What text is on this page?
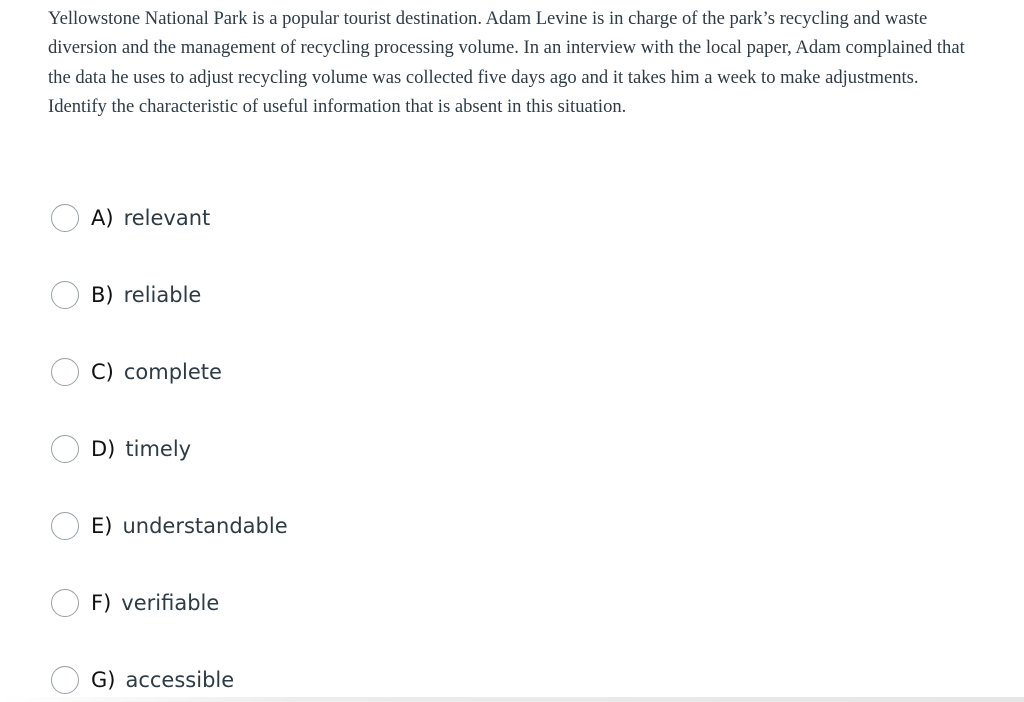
Yellowstone National Park is a popular tourist destination. Adam Levine is in charge of the park’s recycling and waste diversion and the management of recycling processing volume. In an interview with the local paper, Adam complained that the data he uses to adjust recycling volume was collected five days ago and it takes him a week to make adjustments. Identify the characteristic of useful information that is absent in this situation.

A) relevant
B) reliable
C) complete
D) timely
E) understandable
F) verifiable
G) accessible
